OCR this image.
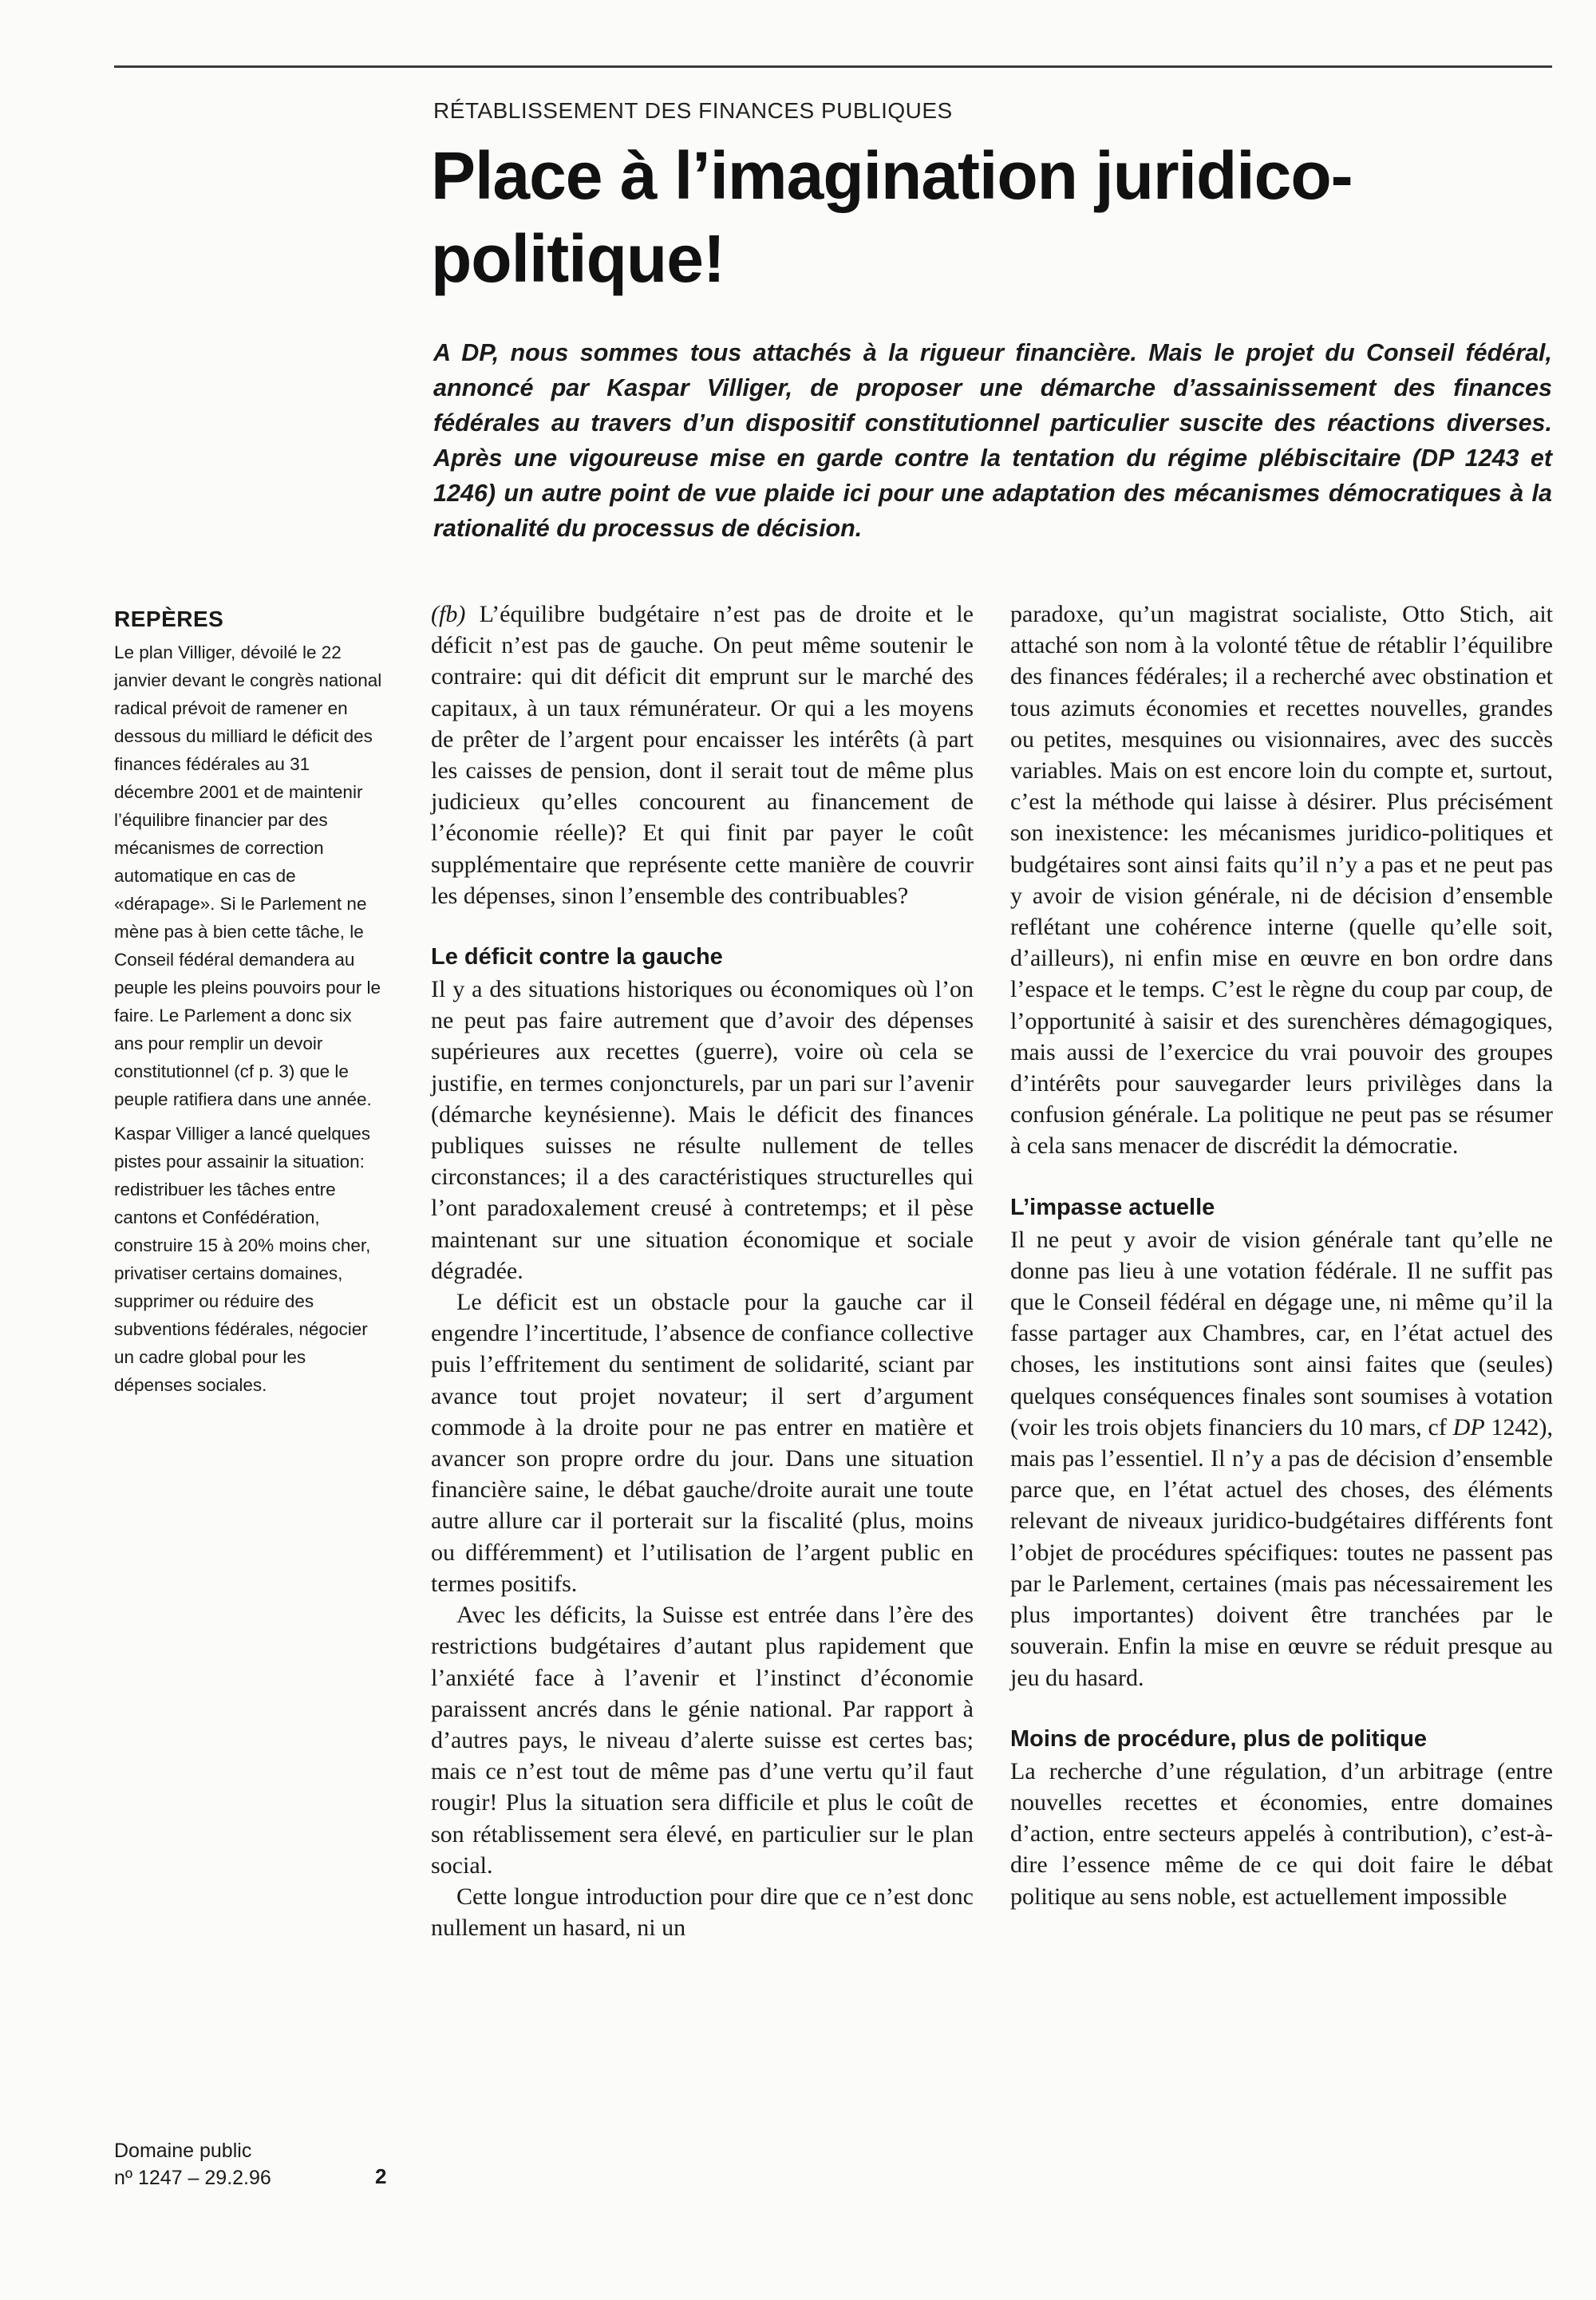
RÉTABLISSEMENT DES FINANCES PUBLIQUES
Place à l’imagination juridico-politique!

A DP, nous sommes tous attachés à la rigueur financière. Mais le projet du Conseil fédéral, annoncé par Kaspar Villiger, de proposer une démarche d’assainissement des finances fédérales au travers d’un dispositif constitutionnel particulier suscite des réactions diverses. Après une vigoureuse mise en garde contre la tentation du régime plébiscitaire (DP 1243 et 1246) un autre point de vue plaide ici pour une adaptation des mécanismes démocratiques à la rationalité du processus de décision.

REPÈRES

Le plan Villiger, dévoilé le 22 janvier devant le congrès national radical prévoit de ramener en dessous du milliard le déficit des finances fédérales au 31 décembre 2001 et de maintenir l’équilibre financier par des mécanismes de correction automatique en cas de «dérapage». Si le Parlement ne mène pas à bien cette tâche, le Conseil fédéral demandera au peuple les pleins pouvoirs pour le faire. Le Parlement a donc six ans pour remplir un devoir constitutionnel (cf p. 3) que le peuple ratifiera dans une année.

Kaspar Villiger a lancé quelques pistes pour assainir la situation: redistribuer les tâches entre cantons et Confédération, construire 15 à 20% moins cher, privatiser certains domaines, supprimer ou réduire des subventions fédérales, négocier un cadre global pour les dépenses sociales.

(fb) L’équilibre budgétaire n’est pas de droite et le déficit n’est pas de gauche. On peut même soutenir le contraire: qui dit déficit dit emprunt sur le marché des capitaux, à un taux rémunérateur. Or qui a les moyens de prêter de l’argent pour encaisser les intérêts (à part les caisses de pension, dont il serait tout de même plus judicieux qu’elles concourent au financement de l’économie réelle)? Et qui finit par payer le coût supplémentaire que représente cette manière de couvrir les dépenses, sinon l’ensemble des contribuables?

Le déficit contre la gauche

Il y a des situations historiques ou économiques où l’on ne peut pas faire autrement que d’avoir des dépenses supérieures aux recettes (guerre), voire où cela se justifie, en termes conjoncturels, par un pari sur l’avenir (démarche keynésienne). Mais le déficit des finances publiques suisses ne résulte nullement de telles circonstances; il a des caractéristiques structurelles qui l’ont paradoxalement creusé à contretemps; et il pèse maintenant sur une situation économique et sociale dégradée.

Le déficit est un obstacle pour la gauche car il engendre l’incertitude, l’absence de confiance collective puis l’effritement du sentiment de solidarité, sciant par avance tout projet novateur; il sert d’argument commode à la droite pour ne pas entrer en matière et avancer son propre ordre du jour. Dans une situation financière saine, le débat gauche/droite aurait une toute autre allure car il porterait sur la fiscalité (plus, moins ou différemment) et l’utilisation de l’argent public en termes positifs.

Avec les déficits, la Suisse est entrée dans l’ère des restrictions budgétaires d’autant plus rapidement que l’anxiété face à l’avenir et l’instinct d’économie paraissent ancrés dans le génie national. Par rapport à d’autres pays, le niveau d’alerte suisse est certes bas; mais ce n’est tout de même pas d’une vertu qu’il faut rougir! Plus la situation sera difficile et plus le coût de son rétablissement sera élevé, en particulier sur le plan social.

Cette longue introduction pour dire que ce n’est donc nullement un hasard, ni un

paradoxe, qu’un magistrat socialiste, Otto Stich, ait attaché son nom à la volonté têtue de rétablir l’équilibre des finances fédérales; il a recherché avec obstination et tous azimuts économies et recettes nouvelles, grandes ou petites, mesquines ou visionnaires, avec des succès variables. Mais on est encore loin du compte et, surtout, c’est la méthode qui laisse à désirer. Plus précisément son inexistence: les mécanismes juridico-politiques et budgétaires sont ainsi faits qu’il n’y a pas et ne peut pas y avoir de vision générale, ni de décision d’ensemble reflétant une cohérence interne (quelle qu’elle soit, d’ailleurs), ni enfin mise en œuvre en bon ordre dans l’espace et le temps. C’est le règne du coup par coup, de l’opportunité à saisir et des surenchères démagogiques, mais aussi de l’exercice du vrai pouvoir des groupes d’intérêts pour sauvegarder leurs privilèges dans la confusion générale. La politique ne peut pas se résumer à cela sans menacer de discrédit la démocratie.

L’impasse actuelle

Il ne peut y avoir de vision générale tant qu’elle ne donne pas lieu à une votation fédérale. Il ne suffit pas que le Conseil fédéral en dégage une, ni même qu’il la fasse partager aux Chambres, car, en l’état actuel des choses, les institutions sont ainsi faites que (seules) quelques conséquences finales sont soumises à votation (voir les trois objets financiers du 10 mars, cf DP 1242), mais pas l’essentiel. Il n’y a pas de décision d’ensemble parce que, en l’état actuel des choses, des éléments relevant de niveaux juridico-budgétaires différents font l’objet de procédures spécifiques: toutes ne passent pas par le Parlement, certaines (mais pas nécessairement les plus importantes) doivent être tranchées par le souverain. Enfin la mise en œuvre se réduit presque au jeu du hasard.

Moins de procédure, plus de politique

La recherche d’une régulation, d’un arbitrage (entre nouvelles recettes et économies, entre domaines d’action, entre secteurs appelés à contribution), c’est-à-dire l’essence même de ce qui doit faire le débat politique au sens noble, est actuellement impossible

Domaine public
nº 1247 – 29.2.96	2
